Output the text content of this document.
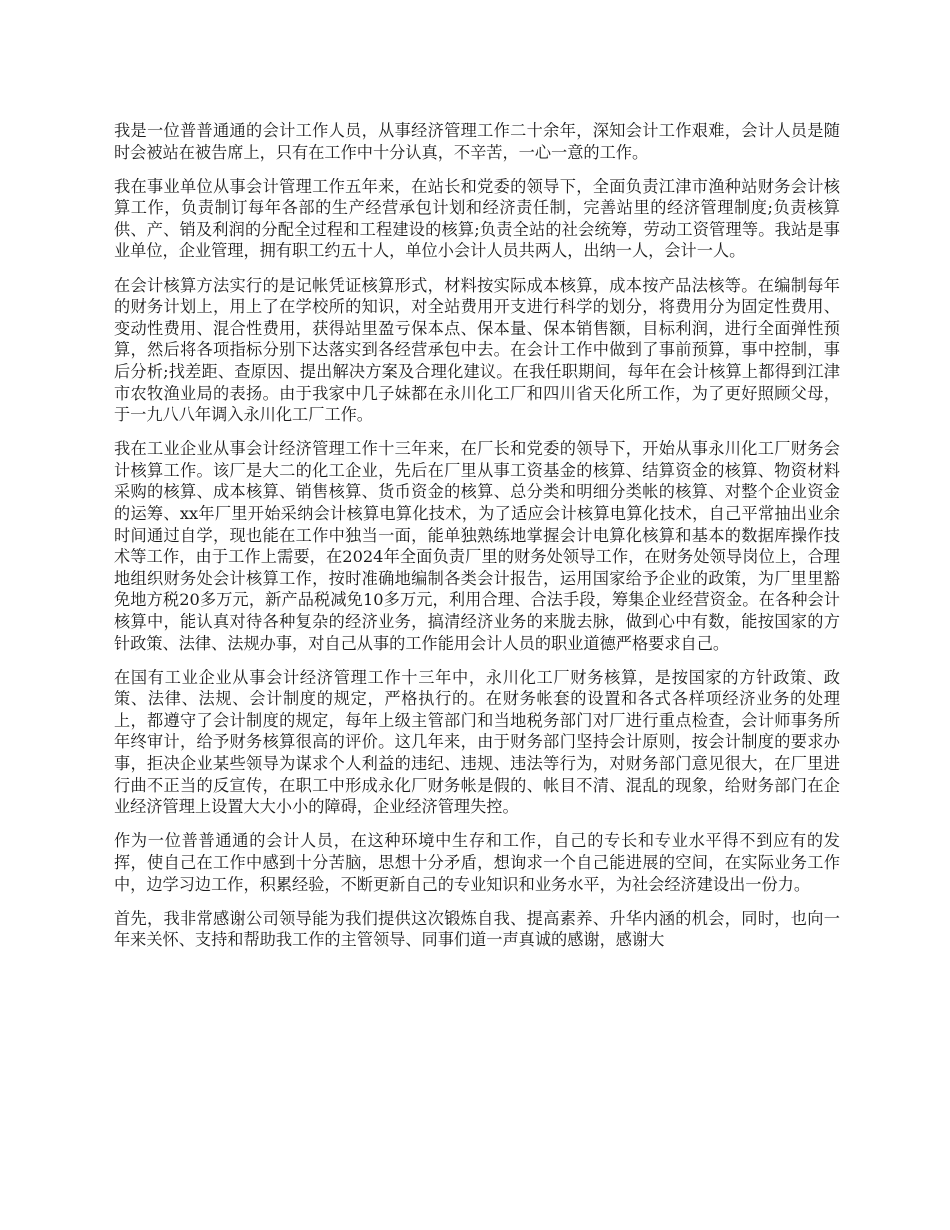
我是一位普普通通的会计工作人员，从事经济管理工作二十余年，深知会计工作艰难，会计人员是随时会被站在被告席上，只有在工作中十分认真，不辛苦，一心一意的工作。

我在事业单位从事会计管理工作五年来，在站长和党委的领导下，全面负责江津市渔种站财务会计核算工作，负责制订每年各部的生产经营承包计划和经济责任制，完善站里的经济管理制度;负责核算供、产、销及利润的分配全过程和工程建设的核算;负责全站的社会统筹，劳动工资管理等。我站是事业单位，企业管理，拥有职工约五十人，单位小会计人员共两人，出纳一人，会计一人。

在会计核算方法实行的是记帐凭证核算形式，材料按实际成本核算，成本按产品法核等。在编制每年的财务计划上，用上了在学校所的知识，对全站费用开支进行科学的划分，将费用分为固定性费用、变动性费用、混合性费用，获得站里盈亏保本点、保本量、保本销售额，目标利润，进行全面弹性预算，然后将各项指标分别下达落实到各经营承包中去。在会计工作中做到了事前预算，事中控制，事后分析;找差距、查原因、提出解决方案及合理化建议。在我任职期间，每年在会计核算上都得到江津市农牧渔业局的表扬。由于我家中几子妹都在永川化工厂和四川省天化所工作，为了更好照顾父母，于一九八八年调入永川化工厂工作。

我在工业企业从事会计经济管理工作十三年来，在厂长和党委的领导下，开始从事永川化工厂财务会计核算工作。该厂是大二的化工企业，先后在厂里从事工资基金的核算、结算资金的核算、物资材料采购的核算、成本核算、销售核算、货币资金的核算、总分类和明细分类帐的核算、对整个企业资金的运筹、xx年厂里开始采纳会计核算电算化技术，为了适应会计核算电算化技术，自己平常抽出业余时间通过自学，现也能在工作中独当一面，能单独熟练地掌握会计电算化核算和基本的数据库操作技术等工作，由于工作上需要，在2024年全面负责厂里的财务处领导工作，在财务处领导岗位上，合理地组织财务处会计核算工作，按时准确地编制各类会计报告，运用国家给予企业的政策，为厂里里豁免地方税20多万元，新产品税减免10多万元，利用合理、合法手段，筹集企业经营资金。在各种会计核算中，能认真对待各种复杂的经济业务，搞清经济业务的来胧去脉，做到心中有数，能按国家的方针政策、法律、法规办事，对自己从事的工作能用会计人员的职业道德严格要求自己。

在国有工业企业从事会计经济管理工作十三年中，永川化工厂财务核算，是按国家的方针政策、政策、法律、法规、会计制度的规定，严格执行的。在财务帐套的设置和各式各样项经济业务的处理上，都遵守了会计制度的规定，每年上级主管部门和当地税务部门对厂进行重点检查，会计师事务所年终审计，给予财务核算很高的评价。这几年来，由于财务部门坚持会计原则，按会计制度的要求办事，拒决企业某些领导为谋求个人利益的违纪、违规、违法等行为，对财务部门意见很大，在厂里进行曲不正当的反宣传，在职工中形成永化厂财务帐是假的、帐目不清、混乱的现象，给财务部门在企业经济管理上设置大大小小的障碍，企业经济管理失控。

作为一位普普通通的会计人员，在这种环境中生存和工作，自己的专长和专业水平得不到应有的发挥，使自己在工作中感到十分苦脑，思想十分矛盾，想询求一个自己能进展的空间，在实际业务工作中，边学习边工作，积累经验，不断更新自己的专业知识和业务水平，为社会经济建设出一份力。

首先，我非常感谢公司领导能为我们提供这次锻炼自我、提高素养、升华内涵的机会，同时，也向一年来关怀、支持和帮助我工作的主管领导、同事们道一声真诚的感谢，感谢大
